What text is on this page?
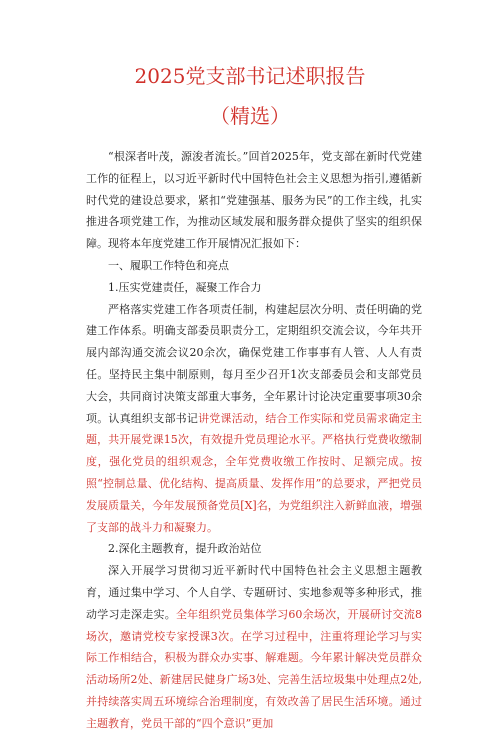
2025党支部书记述职报告
（精选）

“根深者叶茂，源浚者流长。”回首2025年，党支部在新时代党建工作的征程上，以习近平新时代中国特色社会主义思想为指引,遵循新时代党的建设总要求，紧扣“党建强基、服务为民”的工作主线，扎实推进各项党建工作，为推动区域发展和服务群众提供了坚实的组织保障。现将本年度党建工作开展情况汇报如下：

一、履职工作特色和亮点
1.压实党建责任，凝聚工作合力

严格落实党建工作各项责任制，构建起层次分明、责任明确的党建工作体系。明确支部委员职责分工，定期组织交流会议，今年共开展内部沟通交流会议20余次，确保党建工作事事有人管、人人有责任。坚持民主集中制原则，每月至少召开1次支部委员会和支部党员大会，共同商讨决策支部重大事务，全年累计讨论决定重要事项30余项。认真组织支部书记讲党课活动，结合工作实际和党员需求确定主题，共开展党课15次，有效提升党员理论水平。严格执行党费收缴制度，强化党员的组织观念，全年党费收缴工作按时、足额完成。按照“控制总量、优化结构、提高质量、发挥作用”的总要求，严把党员发展质量关，今年发展预备党员[X]名，为党组织注入新鲜血液，增强了支部的战斗力和凝聚力。

2.深化主题教育，提升政治站位

深入开展学习贯彻习近平新时代中国特色社会主义思想主题教育，通过集中学习、个人自学、专题研讨、实地参观等多种形式，推动学习走深走实。全年组织党员集体学习60余场次，开展研讨交流8场次，邀请党校专家授课3次。在学习过程中，注重将理论学习与实际工作相结合，积极为群众办实事、解难题。今年累计解决党员群众活动场所2处、新建居民健身广场3处、完善生活垃圾集中处理点2处,并持续落实周五环境综合治理制度，有效改善了居民生活环境。通过主题教育，党员干部的“四个意识”更加
